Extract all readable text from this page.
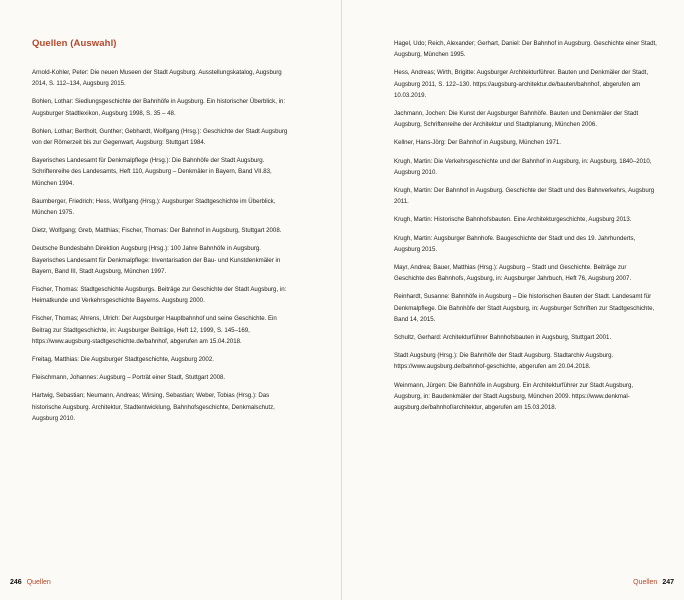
Quellen (Auswahl)
Arnold-Kohler, Peter: Die neuen Museen der Stadt Augsburg. Ausstellungskatalog, Augsburg 2014, S. 112–134, Augsburg 2015.
Bohlen, Lothar: Siedlungsgeschichte der Bahnhöfe in Augsburg. Ein historischer Überblick, in: Augsburger Stadtlexikon, Augsburg 1998, S. 35 – 48.
Bohlen, Lothar; Bertholt, Gunther; Gebhardt, Wolfgang (Hrsg.): Geschichte der Stadt Augsburg von der Römerzeit bis zur Gegenwart, Augsburg: Stuttgart 1984.
Bayerisches Landesamt für Denkmalpflege (Hrsg.): Die Bahnhöfe der Stadt Augsburg. Schriftenreihe des Landesamts, Heft 110, Augsburg – Denkmäler in Bayern, Band VII.83, München 1994.
Baumberger, Friedrich; Hess, Wolfgang (Hrsg.): Augsburger Stadtgeschichte im Überblick, München 1975.
Dietz, Wolfgang; Greb, Matthias; Fischer, Thomas: Der Bahnhof in Augsburg, Stuttgart 2008.
Deutsche Bundesbahn Direktion Augsburg (Hrsg.): 100 Jahre Bahnhöfe in Augsburg. Bayerisches Landesamt für Denkmalpflege: Inventarisation der Bau- und Kunstdenkmäler in Bayern, Band III, Stadt Augsburg, München 1997.
Fischer, Thomas: Stadtgeschichte Augsburgs. Beiträge zur Geschichte der Stadt Augsburg, in: Heimatkunde und Verkehrsgeschichte Bayerns. Augsburg 2000.
Fischer, Thomas; Ahrens, Ulrich: Der Augsburger Hauptbahnhof und seine Geschichte. Ein Beitrag zur Stadtgeschichte, in: Augsburger Beiträge, Heft 12, 1999, S. 145–169, https://www.augsburg-stadtgeschichte.de/bahnhof, abgerufen am 15.04.2018.
Freitag, Matthias: Die Augsburger Stadtgeschichte, Augsburg 2002.
Fleischmann, Johannes: Augsburg – Porträt einer Stadt, Stuttgart 2008.
Hartwig, Sebastian; Neumann, Andreas; Wirsing, Sebastian; Weber, Tobias (Hrsg.): Das historische Augsburg. Architektur, Stadtentwicklung, Bahnhofsgeschichte, Denkmalschutz, Augsburg 2010.
246 Quellen
Hagel, Udo; Reich, Alexander; Gerhart, Daniel: Der Bahnhof in Augsburg. Geschichte einer Stadt, Augsburg, München 1995.
Hess, Andreas; Wirth, Brigitte: Augsburger Architekturführer. Bauten und Denkmäler der Stadt, Augsburg 2011, S. 122–130. https://augsburg-architektur.de/bauten/bahnhof, abgerufen am 10.03.2019.
Jachmann, Jochen: Die Kunst der Augsburger Bahnhöfe. Bauten und Denkmäler der Stadt Augsburg, Schriftenreihe der Architektur und Stadtplanung, München 2006.
Kellner, Hans-Jörg: Der Bahnhof in Augsburg, München 1971.
Krugh, Martin: Die Verkehrsgeschichte und der Bahnhof in Augsburg, in: Augsburg, 1840–2010, Augsburg 2010.
Krugh, Martin: Der Bahnhof in Augsburg. Geschichte der Stadt und des Bahnverkehrs, Augsburg 2011.
Krugh, Martin: Historische Bahnhofsbauten. Eine Architekturgeschichte, Augsburg 2013.
Krugh, Martin: Augsburger Bahnhofe. Baugeschichte der Stadt und des 19. Jahrhunderts, Augsburg 2015.
Mayr, Andrea; Bauer, Matthias (Hrsg.): Augsburg – Stadt und Geschichte. Beiträge zur Geschichte des Bahnhofs, Augsburg, in: Augsburger Jahrbuch, Heft 76, Augsburg 2007.
Reinhardt, Susanne: Bahnhöfe in Augsburg – Die historischen Bauten der Stadt. Landesamt für Denkmalpflege. Die Bahnhöfe der Stadt Augsburg, in: Augsburger Schriften zur Stadtgeschichte, Band 14, 2015.
Schultz, Gerhard: Architekturführer Bahnhofsbauten in Augsburg, Stuttgart 2001.
Stadt Augsburg (Hrsg.): Die Bahnhöfe der Stadt Augsburg. Stadtarchiv Augsburg. https://www.augsburg.de/bahnhof-geschichte, abgerufen am 20.04.2018.
Weinmann, Jürgen: Die Bahnhöfe in Augsburg. Ein Architekturführer zur Stadt Augsburg, Augsburg, in: Baudenkmäler der Stadt Augsburg, München 2009. https://www.denkmal-augsburg.de/bahnhof/architektur, abgerufen am 15.03.2018.
Quellen 247
